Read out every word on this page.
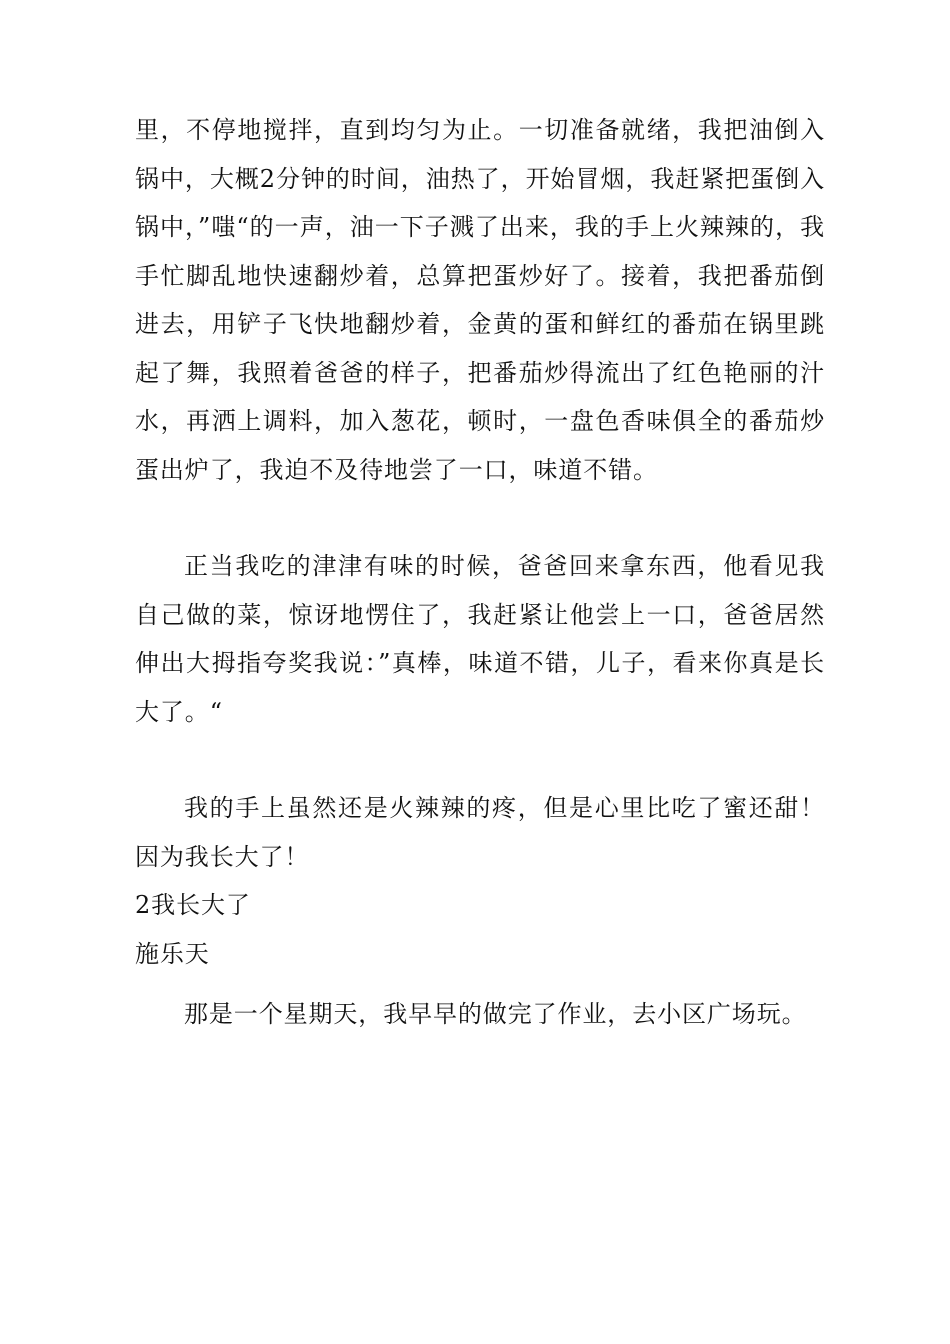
里，不停地搅拌，直到均匀为止。一切准备就绪，我把油倒入锅中，大概2分钟的时间，油热了，开始冒烟，我赶紧把蛋倒入锅中，”嗤“的一声，油一下子溅了出来，我的手上火辣辣的，我手忙脚乱地快速翻炒着，总算把蛋炒好了。接着，我把番茄倒进去，用铲子飞快地翻炒着，金黄的蛋和鲜红的番茄在锅里跳起了舞，我照着爸爸的样子，把番茄炒得流出了红色艳丽的汁水，再洒上调料，加入葱花，顿时，一盘色香味俱全的番茄炒蛋出炉了，我迫不及待地尝了一口，味道不错。

正当我吃的津津有味的时候，爸爸回来拿东西，他看见我自己做的菜，惊讶地愣住了，我赶紧让他尝上一口，爸爸居然伸出大拇指夸奖我说：”真棒，味道不错，儿子，看来你真是长大了。“

我的手上虽然还是火辣辣的疼，但是心里比吃了蜜还甜！因为我长大了！

2我长大了

施乐天

那是一个星期天，我早早的做完了作业，去小区广场玩。
